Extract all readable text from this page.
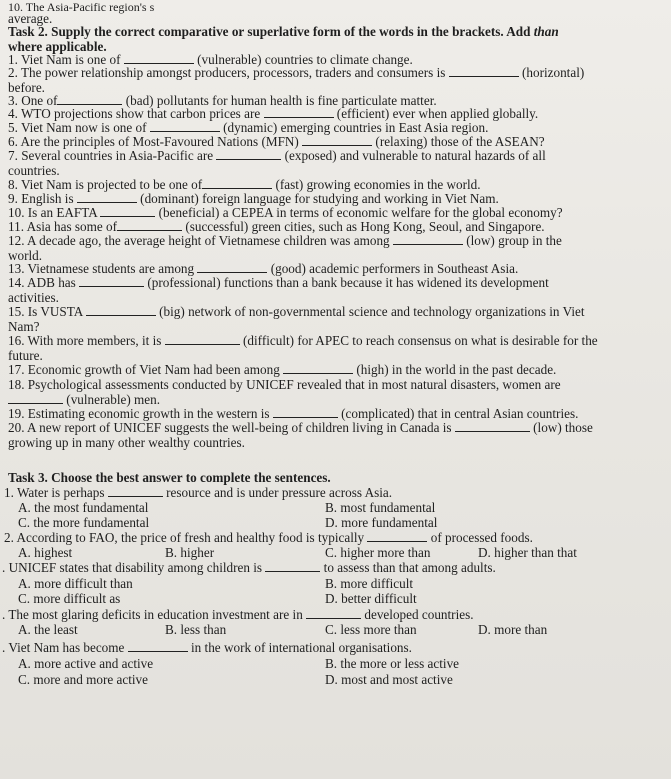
10. The Asia-Pacific region's s
average.
Task 2. Supply the correct comparative or superlative form of the words in the brackets. Add than
where applicable.
1. Viet Nam is one of	(vulnerable) countries to climate change.
2. The power relationship amongst producers, processors, traders and consumers is	(horizontal)
before.
3. One of	(bad) pollutants for human health is fine particulate matter.
4. WTO projections show that carbon prices are	(efficient) ever when applied globally.
5. Viet Nam now is one of	(dynamic) emerging countries in East Asia region.
6. Are the principles of Most-Favoured Nations (MFN)	(relaxing) those of the ASEAN?
7. Several countries in Asia-Pacific are	(exposed) and vulnerable to natural hazards of all
countries.
8. Viet Nam is projected to be one of	(fast) growing economies in the world.
9. English is	(dominant) foreign language for studying and working in Viet Nam.
10. Is an EAFTA	(beneficial) a CEPEA in terms of economic welfare for the global economy?
11. Asia has some of	(successful) green cities, such as Hong Kong, Seoul, and Singapore.
12. A decade ago, the average height of Vietnamese children was among	(low) group in the
world.
13. Vietnamese students are among	(good) academic performers in Southeast Asia.
14. ADB has	(professional) functions than a bank because it has widened its development
activities.
15. Is VUSTA	(big) network of non-governmental science and technology organizations in Viet
Nam?
16. With more members, it is	(difficult) for APEC to reach consensus on what is desirable for the
future.
17. Economic growth of Viet Nam had been among	(high) in the world in the past decade.
18. Psychological assessments conducted by UNICEF revealed that in most natural disasters, women are
(vulnerable) men.
19. Estimating economic growth in the western is	(complicated) that in central Asian countries.
20. A new report of UNICEF suggests the well-being of children living in Canada is	(low) those
growing up in many other wealthy countries.
Task 3. Choose the best answer to complete the sentences.
1. Water is perhaps	resource and is under pressure across Asia.
A. the most fundamental	B. most fundamental
C. the more fundamental	D. more fundamental
2. According to FAO, the price of fresh and healthy food is typically	of processed foods.
A. highest	B. higher	C. higher more than	D. higher than that
. UNICEF states that disability among children is	to assess than that among adults.
A. more difficult than	B. more difficult
C. more difficult as	D. better difficult
. The most glaring deficits in education investment are in	developed countries.
A. the least	B. less than	C. less more than	D. more than
. Viet Nam has become	in the work of international organisations.
A. more active and active	B. the more or less active
C. more and more active	D. most and most active
